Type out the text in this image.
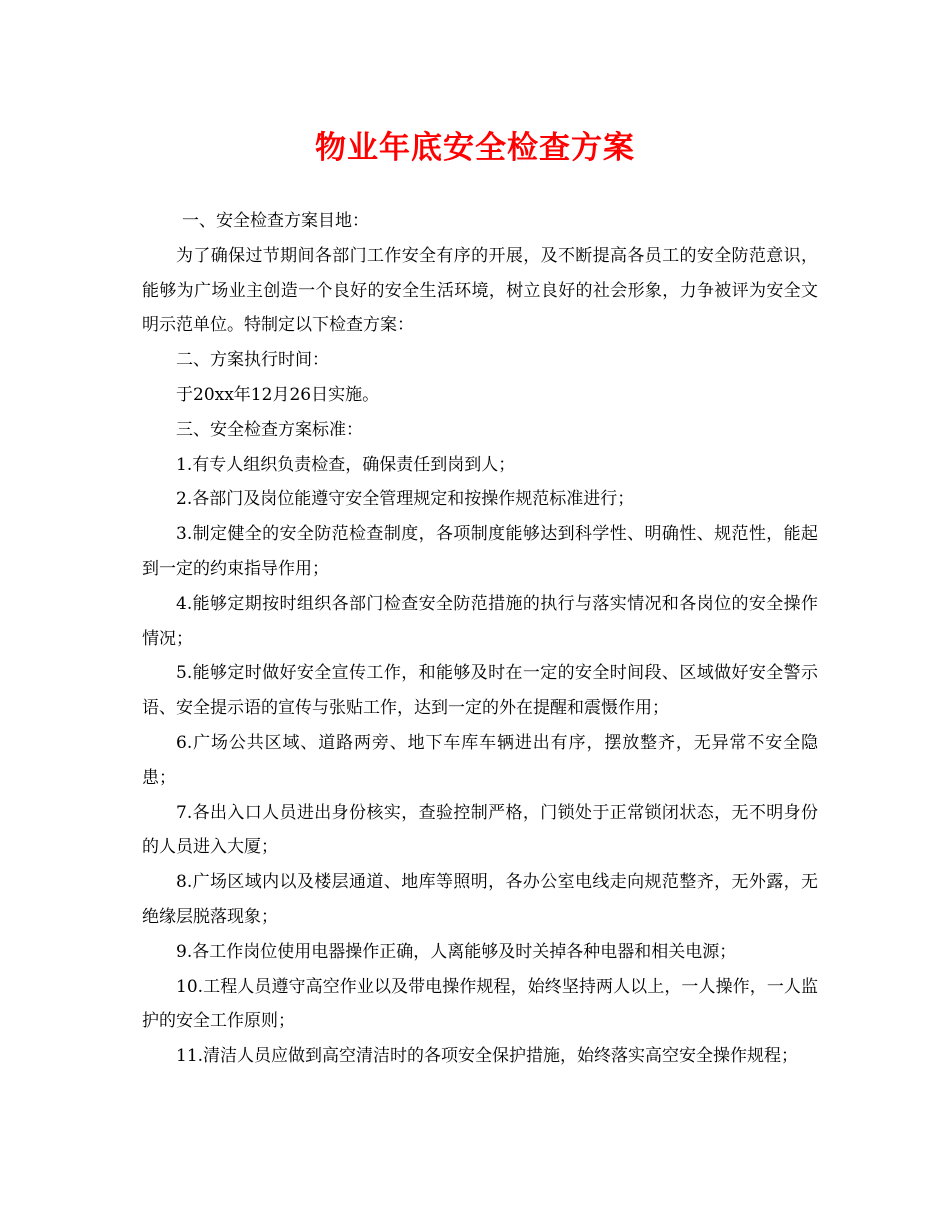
物业年底安全检查方案

一、安全检查方案目地：

为了确保过节期间各部门工作安全有序的开展，及不断提高各员工的安全防范意识，能够为广场业主创造一个良好的安全生活环境，树立良好的社会形象，力争被评为安全文明示范单位。特制定以下检查方案：

二、方案执行时间：

于20xx年12月26日实施。

三、安全检查方案标准：

1.有专人组织负责检查，确保责任到岗到人；

2.各部门及岗位能遵守安全管理规定和按操作规范标准进行；

3.制定健全的安全防范检查制度，各项制度能够达到科学性、明确性、规范性，能起到一定的约束指导作用；

4.能够定期按时组织各部门检查安全防范措施的执行与落实情况和各岗位的安全操作情况；

5.能够定时做好安全宣传工作，和能够及时在一定的安全时间段、区域做好安全警示语、安全提示语的宣传与张贴工作，达到一定的外在提醒和震慑作用；

6.广场公共区域、道路两旁、地下车库车辆进出有序，摆放整齐，无异常不安全隐患；

7.各出入口人员进出身份核实，查验控制严格，门锁处于正常锁闭状态，无不明身份的人员进入大厦；

8.广场区域内以及楼层通道、地库等照明，各办公室电线走向规范整齐，无外露，无绝缘层脱落现象；

9.各工作岗位使用电器操作正确，人离能够及时关掉各种电器和相关电源；

10.工程人员遵守高空作业以及带电操作规程，始终坚持两人以上，一人操作，一人监护的安全工作原则；

11.清洁人员应做到高空清洁时的各项安全保护措施，始终落实高空安全操作规程；
